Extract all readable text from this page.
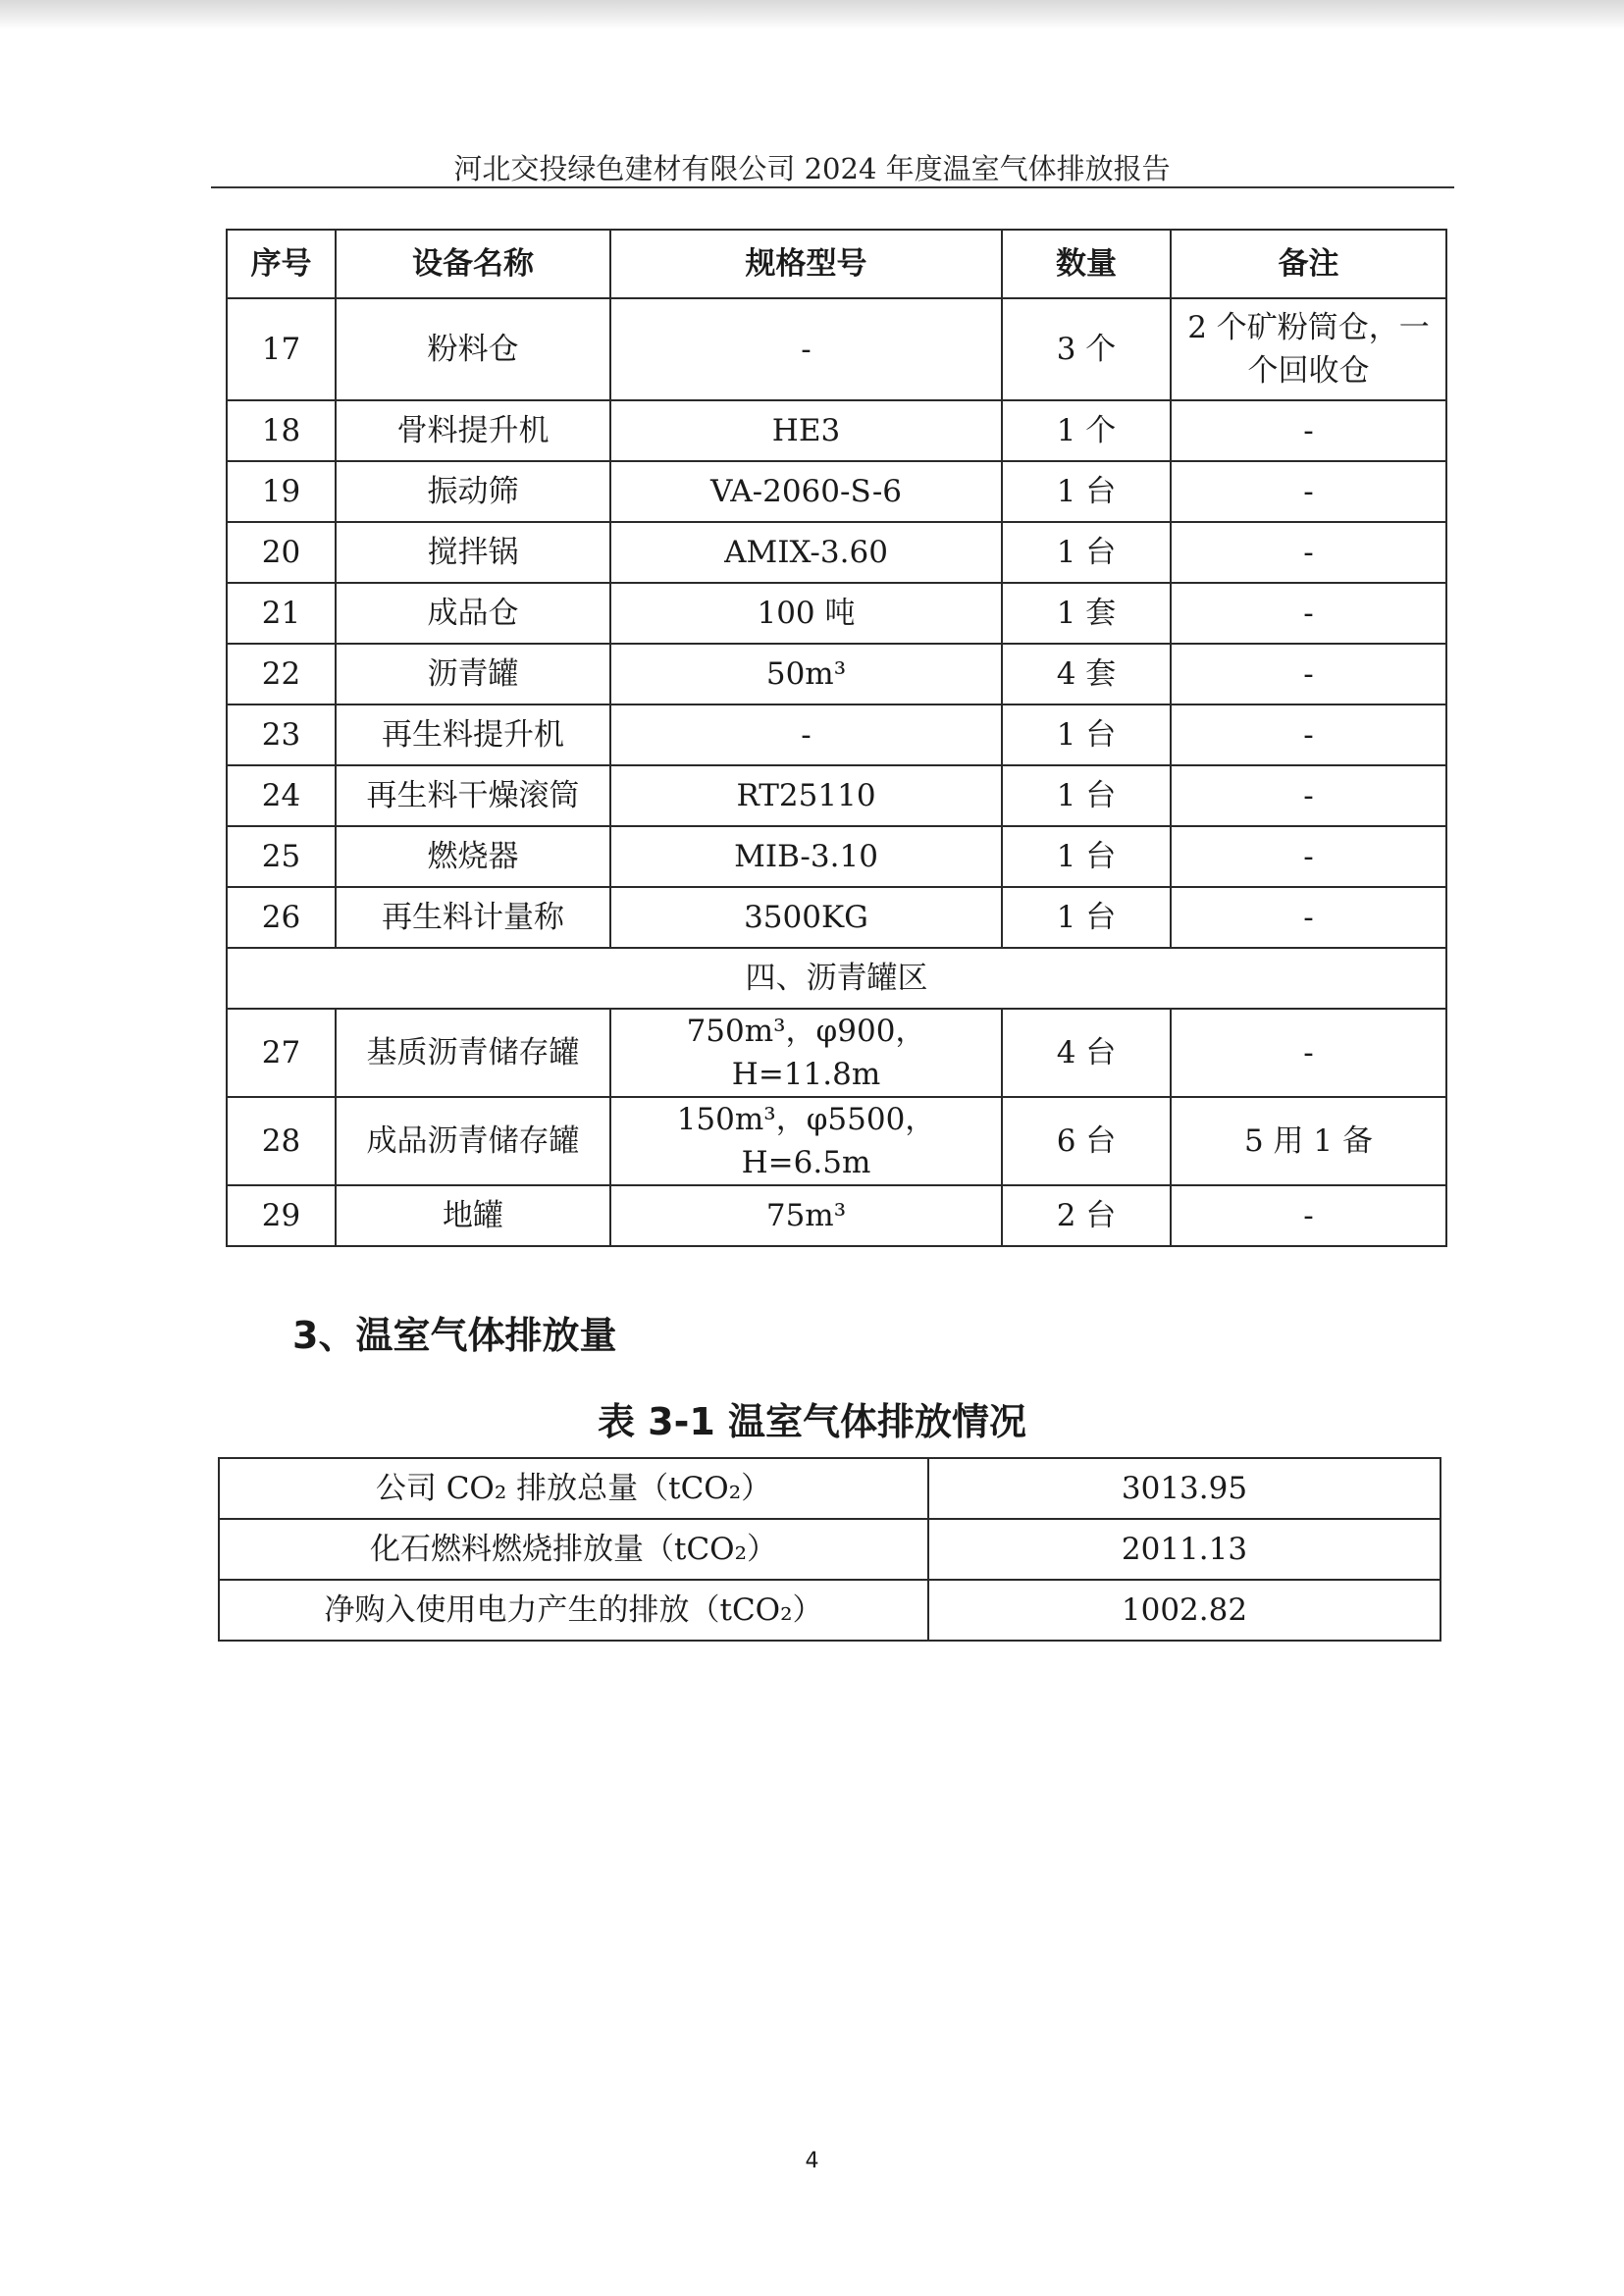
河北交投绿色建材有限公司 2024 年度温室气体排放报告
序号	设备名称	规格型号	数量	备注
17	粉料仓	-	3 个	2 个矿粉筒仓，一个回收仓
18	骨料提升机	HE3	1 个	-
19	振动筛	VA-2060-S-6	1 台	-
20	搅拌锅	AMIX-3.60	1 台	-
21	成品仓	100 吨	1 套	-
22	沥青罐	50m³	4 套	-
23	再生料提升机	-	1 台	-
24	再生料干燥滚筒	RT25110	1 台	-
25	燃烧器	MIB-3.10	1 台	-
26	再生料计量称	3500KG	1 台	-
四、沥青罐区				
27	基质沥青储存罐	750m³，φ900，H=11.8m	4 台	-
28	成品沥青储存罐	150m³，φ5500，H=6.5m	6 台	5 用 1 备
29	地罐	75m³	2 台	-
3、温室气体排放量
表 3-1 温室气体排放情况
公司 CO₂ 排放总量（tCO₂）	3013.95
化石燃料燃烧排放量（tCO₂）	2011.13
净购入使用电力产生的排放（tCO₂）	1002.82
4
